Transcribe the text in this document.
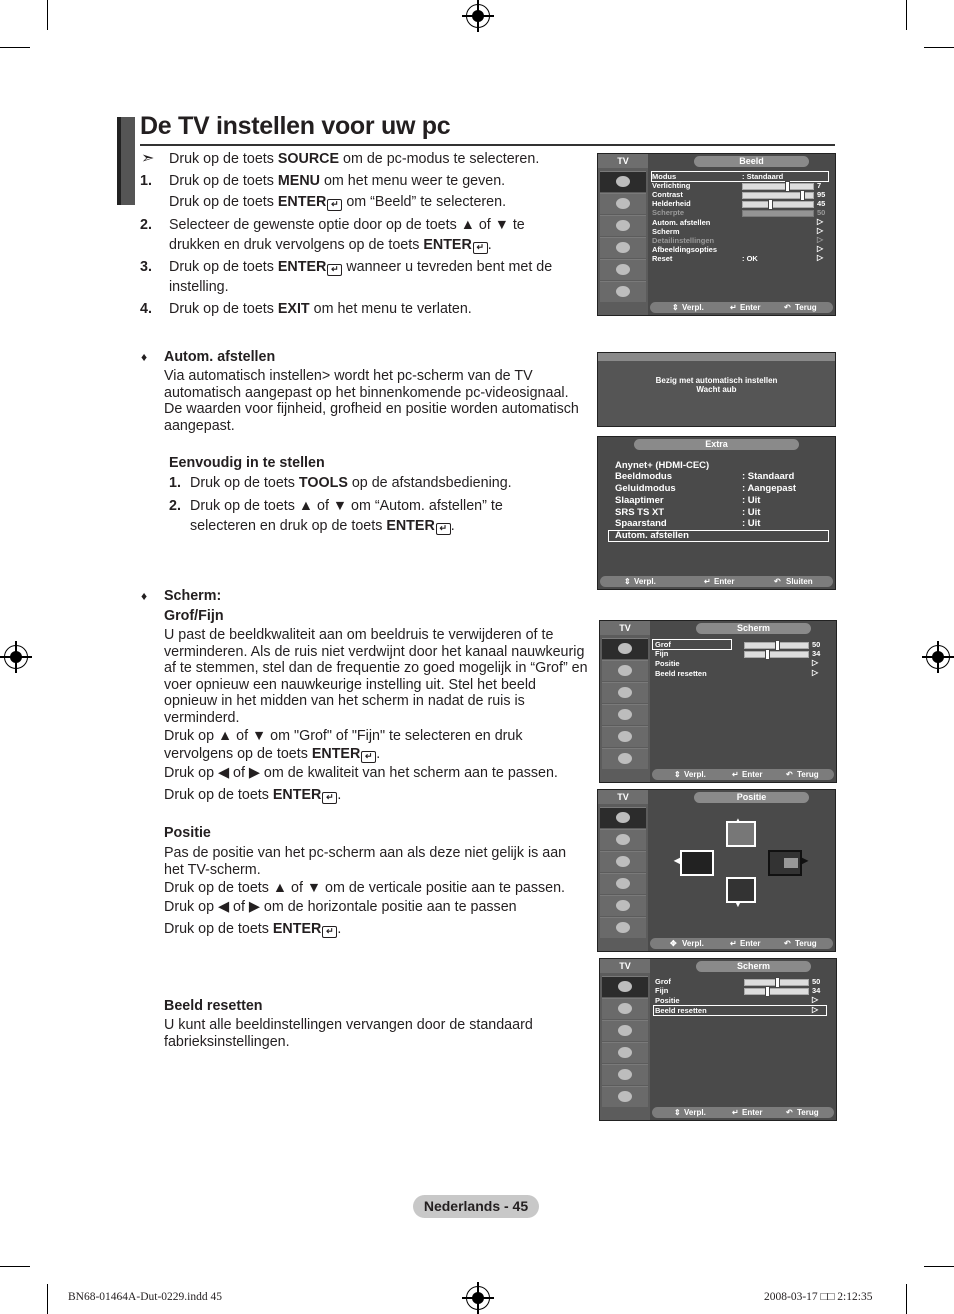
De TV instellen voor uw pc
➣ Druk op de toets SOURCE om de pc-modus te selecteren.
1. Druk op de toets MENU om het menu weer te geven.
Druk op de toets ENTER ↵ om “Beeld” te selecteren.
2. Selecteer de gewenste optie door op de toets ▲ of ▼ te
drukken en druk vervolgens op de toets ENTER ↵ .
3. Druk op de toets ENTER ↵ wanneer u tevreden bent met de
instelling.
4. Druk op de toets EXIT om het menu te verlaten.
♦ Autom. afstellen
Via automatisch instellen> wordt het pc-scherm van de TV automatisch aangepast op het binnenkomende pc-videosignaal. De waarden voor fijnheid, grofheid en positie worden automatisch aangepast.
Eenvoudig in te stellen
1. Druk op de toets TOOLS op de afstandsbediening.
2. Druk op de toets ▲ of ▼ om “Autom. afstellen” te
selecteren en druk op de toets ENTER ↵ .
♦ Scherm:
Grof/Fijn
U past de beeldkwaliteit aan om beeldruis te verwijderen of te verminderen. Als de ruis niet verdwijnt door het kanaal nauwkeurig af te stemmen, stel dan de frequentie zo goed mogelijk in “Grof” en voer opnieuw een nauwkeurige instelling uit. Stel het beeld opnieuw in het midden van het scherm in nadat de ruis is verminderd.
Druk op ▲ of ▼ om "Grof" of "Fijn" te selecteren en druk
vervolgens op de toets ENTER ↵ .
Druk op ◀ of ▶ om de kwaliteit van het scherm aan te passen.
Druk op de toets ENTER ↵ .
Positie
Pas de positie van het pc-scherm aan als deze niet gelijk is aan het TV-scherm.
Druk op de toets ▲ of ▼ om de verticale positie aan te passen.
Druk op ◀ of ▶ om de horizontale positie aan te passen
Druk op de toets ENTER ↵ .
Beeld resetten
U kunt alle beeldinstellingen vervangen door de standaard fabrieksinstellingen.
TV	Beeld
Modus	: Standaard
Verlichting	7
Contrast	95
Helderheid	45
Scherpte	50
Autom. afstellen	▷
Scherm	▷
Detailinstellingen	▷
Afbeeldingsopties	▷
Reset	: OK	▷
⇕ Verpl.	↵ Enter	↶ Terug
Bezig met automatisch instellen
Wacht aub
Extra
Anynet+ (HDMI-CEC)
Beeldmodus	: Standaard
Geluidmodus	: Aangepast
Slaaptimer	: Uit
SRS TS XT	: Uit
Spaarstand	: Uit
Autom. afstellen
⇕ Verpl.	↵ Enter	↶ Sluiten
TV	Scherm
Grof	50
Fijn	34
Positie	▷
Beeld resetten	▷
⇕ Verpl.	↵ Enter	↶ Terug
TV	Positie
▲
◀	▶
▼
✥ Verpl.	↵ Enter	↶ Terug
TV	Scherm
Grof	50
Fijn	34
Positie	▷
Beeld resetten	▷
⇕ Verpl.	↵ Enter	↶ Terug
Nederlands - 45
BN68-01464A-Dut-0229.indd 45	2008-03-17 □□ 2:12:35
